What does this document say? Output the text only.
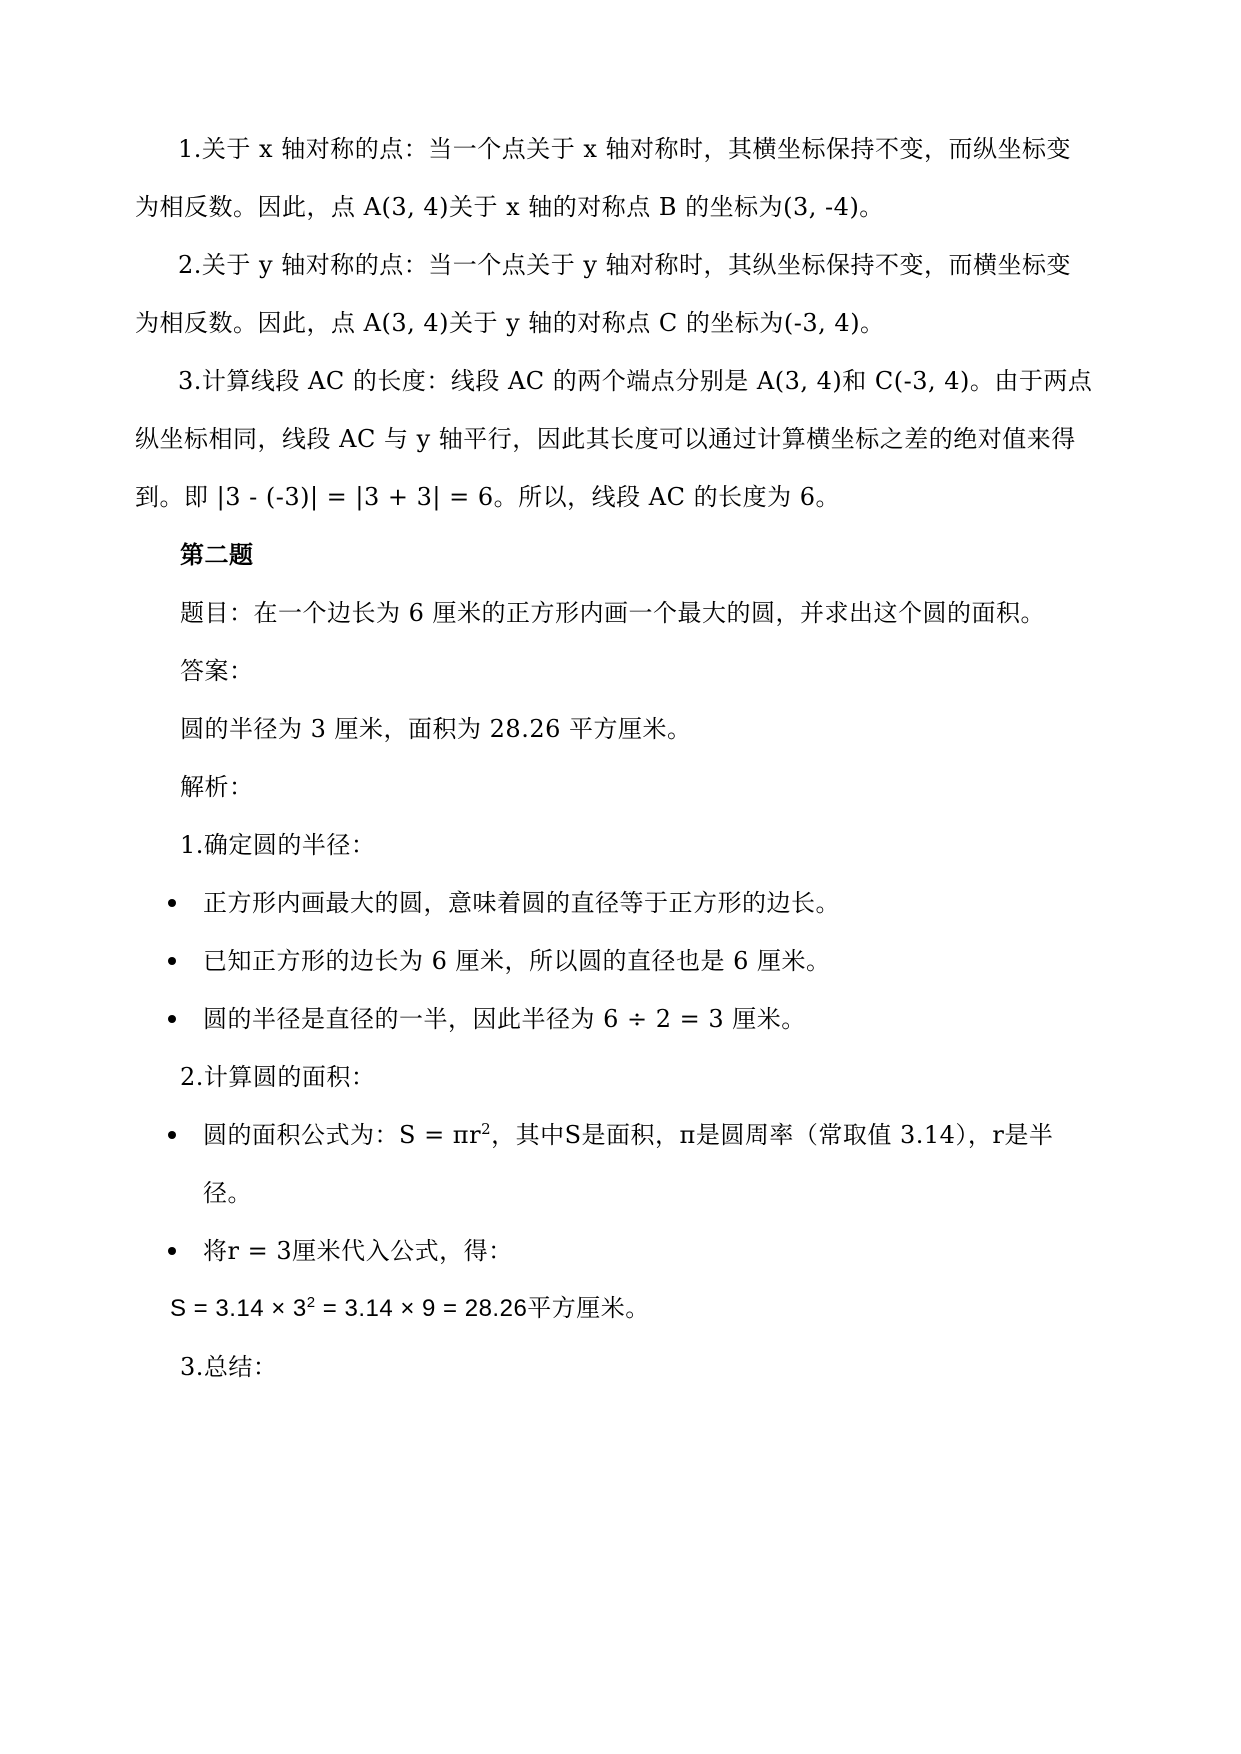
1.关于 x 轴对称的点：当一个点关于 x 轴对称时，其横坐标保持不变，而纵坐标变
为相反数。因此，点 A(3, 4)关于 x 轴的对称点 B 的坐标为(3, -4)。
2.关于 y 轴对称的点：当一个点关于 y 轴对称时，其纵坐标保持不变，而横坐标变
为相反数。因此，点 A(3, 4)关于 y 轴的对称点 C 的坐标为(-3, 4)。
3.计算线段 AC 的长度：线段 AC 的两个端点分别是 A(3, 4)和 C(-3, 4)。由于两点
纵坐标相同，线段 AC 与 y 轴平行，因此其长度可以通过计算横坐标之差的绝对值来得
到。即 |3 - (-3)| = |3 + 3| = 6。所以，线段 AC 的长度为 6。
第二题
题目：在一个边长为 6 厘米的正方形内画一个最大的圆，并求出这个圆的面积。
答案：
圆的半径为 3 厘米，面积为 28.26 平方厘米。
解析：
1.确定圆的半径：
正方形内画最大的圆，意味着圆的直径等于正方形的边长。
已知正方形的边长为 6 厘米，所以圆的直径也是 6 厘米。
圆的半径是直径的一半，因此半径为 6 ÷ 2 = 3 厘米。
2.计算圆的面积：
圆的面积公式为：$S = \pi r^2$，其中S是面积，π是圆周率（常取值 3.14），r是半
径。
将r = 3厘米代入公式，得：
$S = 3.14 \times 3^2 = 3.14 \times 9 = 28.26$平方厘米。
3.总结：
